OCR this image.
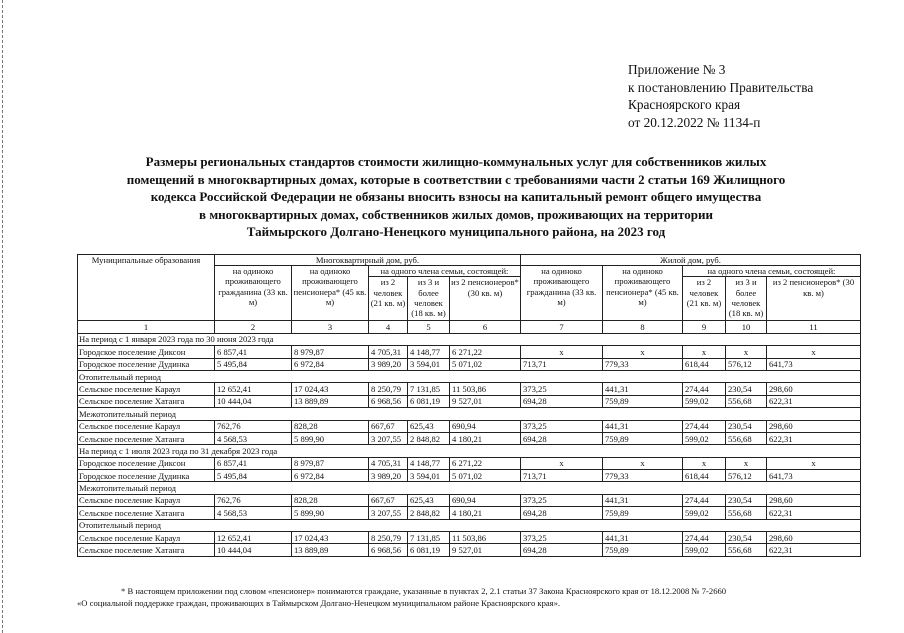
Приложение № 3
к постановлению Правительства
Красноярского края
от 20.12.2022 № 1134-п
Размеры региональных стандартов стоимости жилищно-коммунальных услуг для собственников жилых
помещений в многоквартирных домах, которые в соответствии с требованиями части 2 статьи 169 Жилищного
кодекса Российской Федерации не обязаны вносить взносы на капитальный ремонт общего имущества
в многоквартирных домах, собственников жилых домов, проживающих на территории
Таймырского Долгано-Ненецкого муниципального района, на 2023 год
Муниципальные образования	Многоквартирный дом, руб.					Жилой дом, руб.				
	на одиноко проживающего гражданина (33 кв. м)	на одиноко проживающего пенсионера* (45 кв. м)	на одного члена семьи, состоящей:			на одиноко проживающего гражданина (33 кв. м)	на одиноко проживающего пенсионера* (45 кв. м)	на одного члена семьи, состоящей:		
			из 2 человек (21 кв. м)	из 3 и более человек (18 кв. м)	из 2 пенсионеров* (30 кв. м)			из 2 человек (21 кв. м)	из 3 и более человек (18 кв. м)	из 2 пенсионеров* (30 кв. м)
1	2	3	4	5	6	7	8	9	10	11
На период с 1 января 2023 года по 30 июня 2023 года										
Городское поселение Диксон	6 857,41	8 979,87	4 705,31	4 148,77	6 271,22	x	x	x	x	x
Городское поселение Дудинка	5 495,84	6 972,84	3 989,20	3 594,01	5 071,02	713,71	779,33	618,44	576,12	641,73
Отопительный период										
Сельское поселение Караул	12 652,41	17 024,43	8 250,79	7 131,85	11 503,86	373,25	441,31	274,44	230,54	298,60
Сельское поселение Хатанга	10 444,04	13 889,89	6 968,56	6 081,19	9 527,01	694,28	759,89	599,02	556,68	622,31
Межотопительный период										
Сельское поселение Караул	762,76	828,28	667,67	625,43	690,94	373,25	441,31	274,44	230,54	298,60
Сельское поселение Хатанга	4 568,53	5 899,90	3 207,55	2 848,82	4 180,21	694,28	759,89	599,02	556,68	622,31
На период с 1 июля 2023 года по 31 декабря 2023 года										
Городское поселение Диксон	6 857,41	8 979,87	4 705,31	4 148,77	6 271,22	x	x	x	x	x
Городское поселение Дудинка	5 495,84	6 972,84	3 989,20	3 594,01	5 071,02	713,71	779,33	618,44	576,12	641,73
Межотопительный период										
Сельское поселение Караул	762,76	828,28	667,67	625,43	690,94	373,25	441,31	274,44	230,54	298,60
Сельское поселение Хатанга	4 568,53	5 899,90	3 207,55	2 848,82	4 180,21	694,28	759,89	599,02	556,68	622,31
Отопительный период										
Сельское поселение Караул	12 652,41	17 024,43	8 250,79	7 131,85	11 503,86	373,25	441,31	274,44	230,54	298,60
Сельское поселение Хатанга	10 444,04	13 889,89	6 968,56	6 081,19	9 527,01	694,28	759,89	599,02	556,68	622,31
* В настоящем приложении под словом «пенсионер» понимаются граждане, указанные в пунктах 2, 2.1 статьи 37 Закона Красноярского края от 18.12.2008 № 7-2660
«О социальной поддержке граждан, проживающих в Таймырском Долгано-Ненецком муниципальном районе Красноярского края».
